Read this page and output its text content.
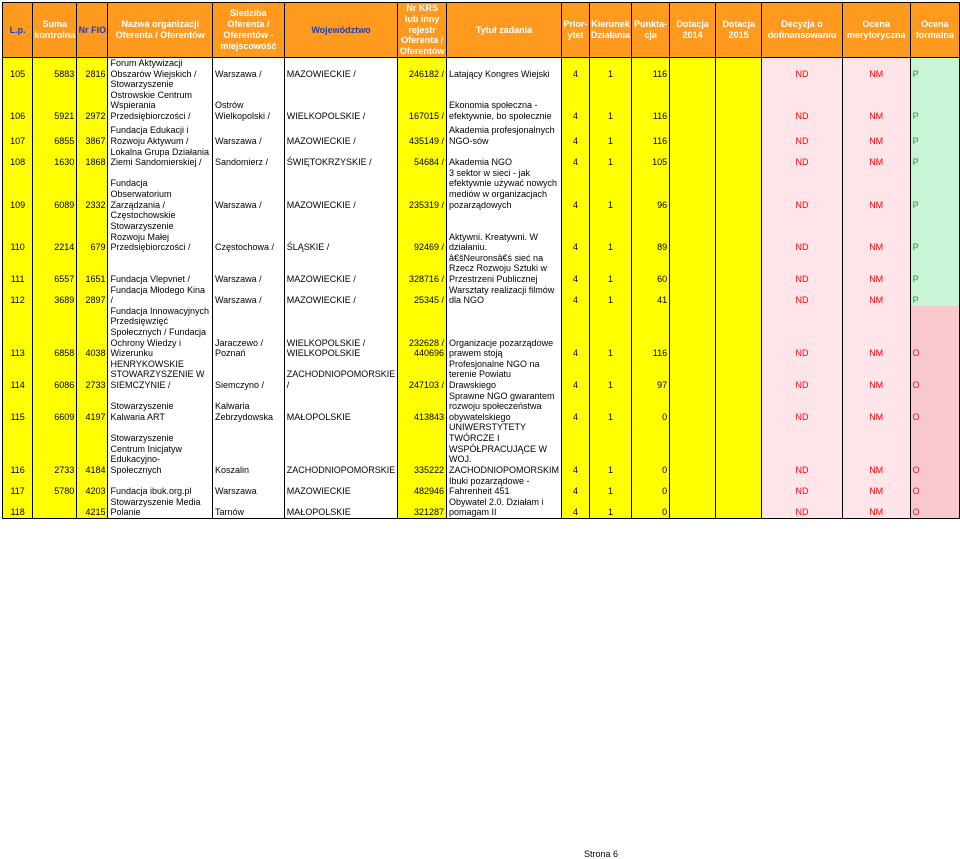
L.p.	Suma kontrolna	Nr FIO	Nazwa organizacji Oferenta / Oferentów	Siedziba Oferenta / Oferentów - miejscowość	Województwo	Nr KRS lub inny rejestr Oferenta / Oferentów	Tytuł zadania	Prior-ytet	Kierunek Działania	Punkta-cja	Dotacja 2014	Dotacja 2015	Decyzja o dofinansowaniu	Ocena merytoryczna	Ocena formalna
105	5883	2816	Forum Aktywizacji Obszarów Wiejskich /	Warszawa /	MAZOWIECKIE /	246182 /	Latający Kongres Wiejski	4	1	116			ND	NM	P
106	5921	2972	Stowarzyszenie Ostrowskie Centrum Wspierania Przedsiębiorczości /	Ostrów Wielkopolski /	WIELKOPOLSKIE /	167015 /	Ekonomia społeczna - efektywnie, bo społecznie	4	1	116			ND	NM	P
107	6855	3867	Fundacja Edukacji i Rozwoju Aktywum /	Warszawa /	MAZOWIECKIE /	435149 /	Akademia profesjonalnych NGO-sów	4	1	116			ND	NM	P
108	1630	1868	Lokalna Grupa Działania Ziemi Sandomierskiej /	Sandomierz /	ŚWIĘTOKRZYSKIE /	54684 /	Akademia NGO	4	1	105			ND	NM	P
109	6089	2332	Fundacja Obserwatorium Zarządzania /	Warszawa /	MAZOWIECKIE /	235319 /	3 sektor w sieci - jak efektywnie używać nowych mediów w organizacjach pozarządowych	4	1	96			ND	NM	P
110	2214	679	Częstochowskie Stowarzyszenie Rozwoju Małej Przedsiębiorczości /	Częstochowa /	ŚLĄSKIE /	92469 /	Aktywni. Kreatywni. W działaniu.	4	1	89			ND	NM	P
111	6557	1651	Fundacja Vlepvnet /	Warszawa /	MAZOWIECKIE /	328716 /	â€šNeuronsâ€ś sieć na Rzecz Rozwoju Sztuki w Przestrzeni Publicznej	4	1	60			ND	NM	P
112	3689	2897	Fundacja Młodego Kina /	Warszawa /	MAZOWIECKIE /	25345 /	Warsztaty realizacji filmów dla NGO	4	1	41			ND	NM	P
113	6858	4038	Fundacja Innowacyjnych Przedsięwzięć Społecznych / Fundacja Ochrony Wiedzy i Wizerunku	Jaraczewo / Poznań	WIELKOPOLSKIE / WIELKOPOLSKIE	232628 / 440696	Organizacje pozarządowe prawem stoją	4	1	116			ND	NM	O
114	6086	2733	HENRYKOWSKIE STOWARZYSZENIE W SIEMCZYNIE /	Siemczyno /	ZACHODNIOPOMORSKIE /	247103 /	Profesjonalne NGO na terenie Powiatu Drawskiego	4	1	97			ND	NM	O
115	6609	4197	Stowarzyszenie Kalwaria ART	Kalwaria Zebrzydowska	MAŁOPOLSKIE	413843	Sprawne NGO gwarantem rozwoju społeczeństwa obywatelskiego	4	1	0			ND	NM	O
116	2733	4184	Stowarzyszenie Centrum Inicjatyw Edukacyjno-Społecznych	Koszalin	ZACHODNIOPOMORSKIE	335222	UNIWERSTYTETY TWÓRCZE I WSPÓŁPRACUJĄCE W WOJ. ZACHODNIOPOMORSKIM	4	1	0			ND	NM	O
117	5780	4203	Fundacja ibuk.org.pl	Warszawa	MAZOWIECKIE	482946	Ibuki pozarządowe - Fahrenheit 451	4	1	0			ND	NM	O
118		4215	Stowarzyszenie Media Polanie	Tarnów	MAŁOPOLSKIE	321287	Obywatel 2.0. Działam i pomagam II	4	1	0			ND	NM	O
Strona 6
